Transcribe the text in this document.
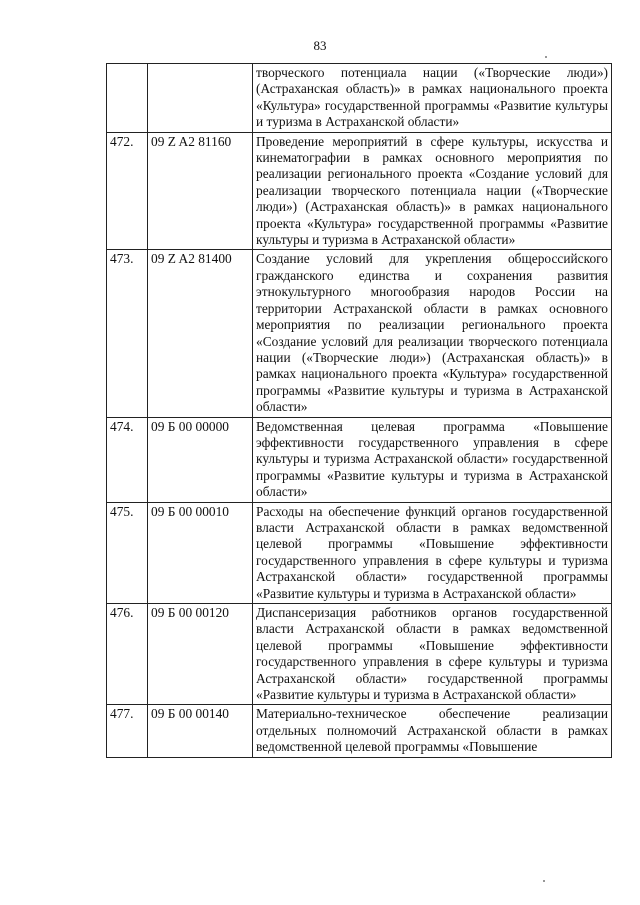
83
		творческого потенциала нации («Творческие люди») (Астраханская область)» в рамках национального проекта «Культура» государственной программы «Развитие культуры и туризма в Астраханской области»
472.	09 Z A2 81160	Проведение мероприятий в сфере культуры, искусства и кинематографии в рамках основного мероприятия по реализации регионального проекта «Создание условий для реализации творческого потенциала нации («Творческие люди») (Астраханская область)» в рамках национального проекта «Культура» государственной программы «Развитие культуры и туризма в Астраханской области»
473.	09 Z A2 81400	Создание условий для укрепления общероссийского гражданского единства и сохранения развития этнокультурного многообразия народов России на территории Астраханской области в рамках основного мероприятия по реализации регионального проекта «Создание условий для реализации творческого потенциала нации («Творческие люди») (Астраханская область)» в рамках национального проекта «Культура» государственной программы «Развитие культуры и туризма в Астраханской области»
474.	09 Б 00 00000	Ведомственная целевая программа «Повышение эффективности государственного управления в сфере культуры и туризма Астраханской области» государственной программы «Развитие культуры и туризма в Астраханской области»
475.	09 Б 00 00010	Расходы на обеспечение функций органов государственной власти Астраханской области в рамках ведомственной целевой программы «Повышение эффективности государственного управления в сфере культуры и туризма Астраханской области» государственной программы «Развитие культуры и туризма в Астраханской области»
476.	09 Б 00 00120	Диспансеризация работников органов государственной власти Астраханской области в рамках ведомственной целевой программы «Повышение эффективности государственного управления в сфере культуры и туризма Астраханской области» государственной программы «Развитие культуры и туризма в Астраханской области»
477.	09 Б 00 00140	Материально-техническое обеспечение реализации отдельных полномочий Астраханской области в рамках ведомственной целевой программы «Повышение
